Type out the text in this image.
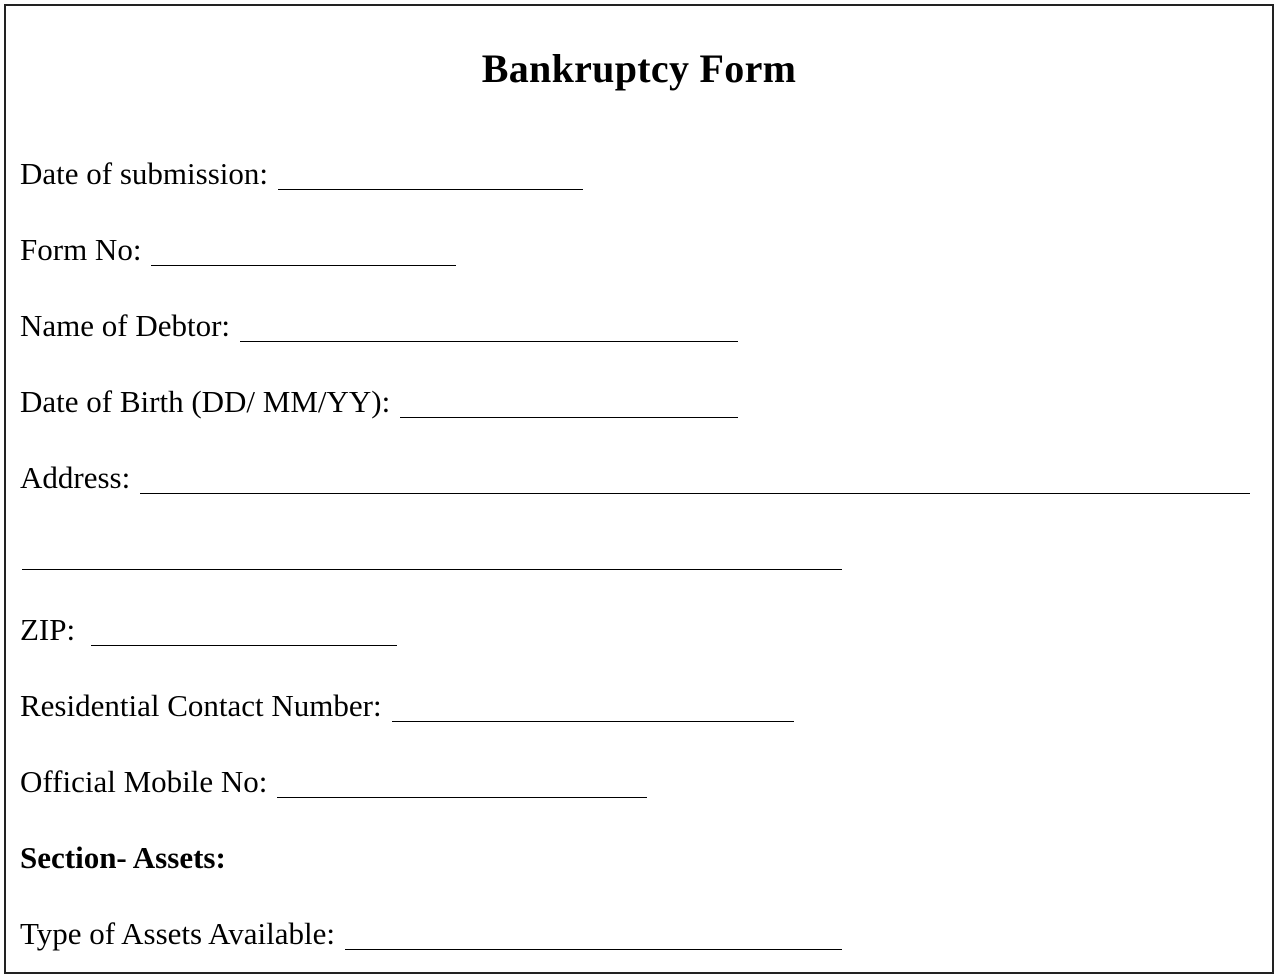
Bankruptcy Form
Date of submission:
Form No:
Name of Debtor:
Date of Birth (DD/ MM/YY):
Address:
ZIP:
Residential Contact Number:
Official Mobile No:
Section- Assets:
Type of Assets Available:
